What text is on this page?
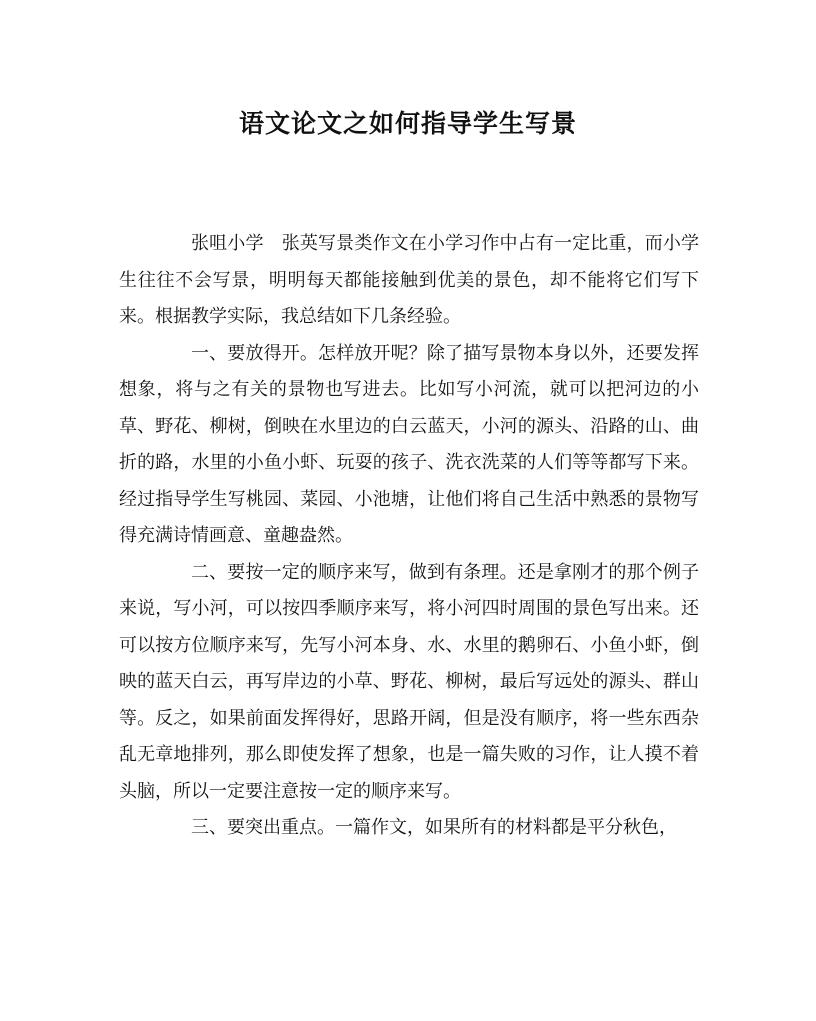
语文论文之如何指导学生写景

张咀小学 张英写景类作文在小学习作中占有一定比重，而小学生往往不会写景，明明每天都能接触到优美的景色，却不能将它们写下来。根据教学实际，我总结如下几条经验。

一、要放得开。怎样放开呢？除了描写景物本身以外，还要发挥想象，将与之有关的景物也写进去。比如写小河流，就可以把河边的小草、野花、柳树，倒映在水里边的白云蓝天，小河的源头、沿路的山、曲折的路，水里的小鱼小虾、玩耍的孩子、洗衣洗菜的人们等等都写下来。经过指导学生写桃园、菜园、小池塘，让他们将自己生活中熟悉的景物写得充满诗情画意、童趣盎然。

二、要按一定的顺序来写，做到有条理。还是拿刚才的那个例子来说，写小河，可以按四季顺序来写，将小河四时周围的景色写出来。还可以按方位顺序来写，先写小河本身、水、水里的鹅卵石、小鱼小虾，倒映的蓝天白云，再写岸边的小草、野花、柳树，最后写远处的源头、群山等。反之，如果前面发挥得好，思路开阔，但是没有顺序，将一些东西杂乱无章地排列，那么即使发挥了想象，也是一篇失败的习作，让人摸不着头脑，所以一定要注意按一定的顺序来写。

三、要突出重点。一篇作文，如果所有的材料都是平分秋色，
